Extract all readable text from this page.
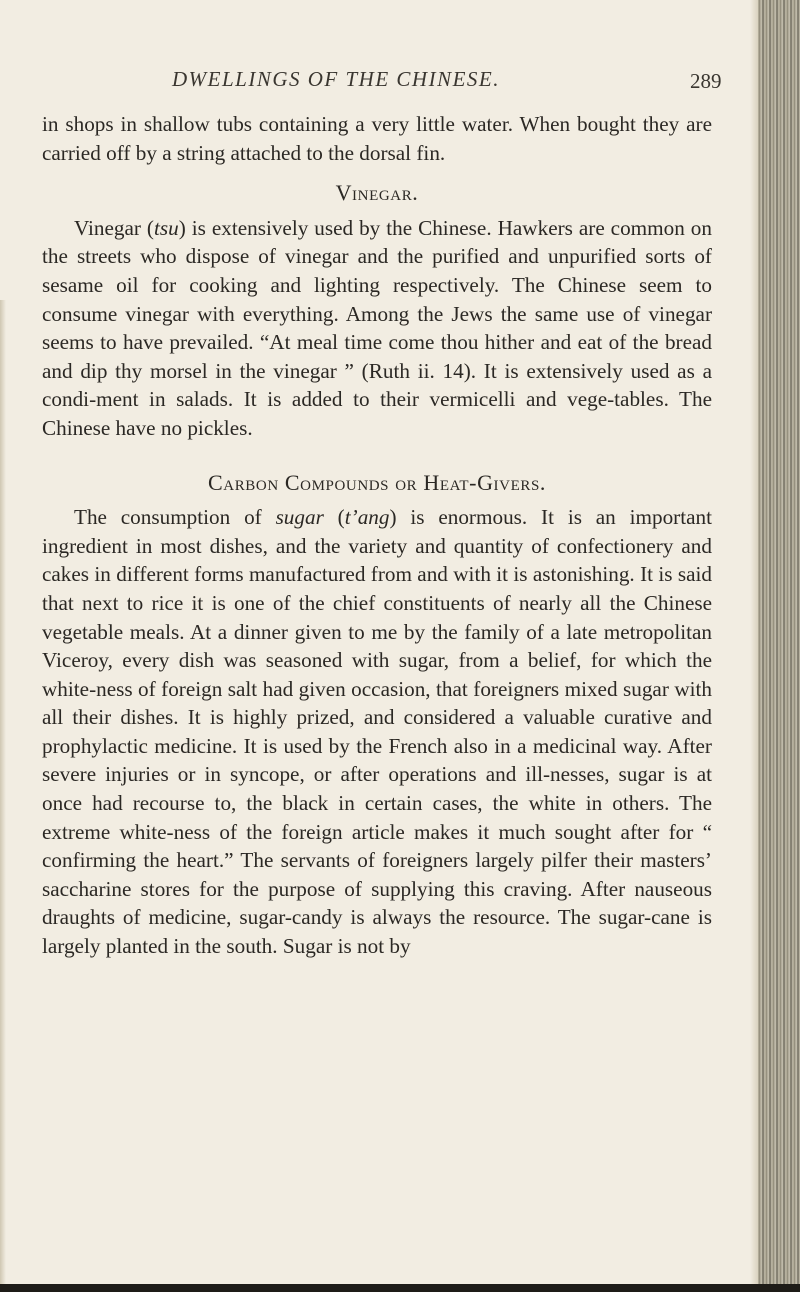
DWELLINGS OF THE CHINESE.	289

in shops in shallow tubs containing a very little water. When bought they are carried off by a string attached to the dorsal fin.

Vinegar.

Vinegar (tsu) is extensively used by the Chinese. Hawkers are common on the streets who dispose of vinegar and the purified and unpurified sorts of sesame oil for cooking and lighting respectively. The Chinese seem to consume vinegar with everything. Among the Jews the same use of vinegar seems to have prevailed. “At meal time come thou hither and eat of the bread and dip thy morsel in the vinegar ” (Ruth ii. 14). It is extensively used as a condi-ment in salads. It is added to their vermicelli and vege-tables. The Chinese have no pickles.

Carbon Compounds or Heat-Givers.

The consumption of sugar (t’ang) is enormous. It is an important ingredient in most dishes, and the variety and quantity of confectionery and cakes in different forms manufactured from and with it is astonishing. It is said that next to rice it is one of the chief constituents of nearly all the Chinese vegetable meals. At a dinner given to me by the family of a late metropolitan Viceroy, every dish was seasoned with sugar, from a belief, for which the white-ness of foreign salt had given occasion, that foreigners mixed sugar with all their dishes. It is highly prized, and considered a valuable curative and prophylactic medicine. It is used by the French also in a medicinal way. After severe injuries or in syncope, or after operations and ill-nesses, sugar is at once had recourse to, the black in certain cases, the white in others. The extreme white-ness of the foreign article makes it much sought after for “ confirming the heart.” The servants of foreigners largely pilfer their masters’ saccharine stores for the purpose of supplying this craving. After nauseous draughts of medicine, sugar-candy is always the resource. The sugar-cane is largely planted in the south. Sugar is not by
